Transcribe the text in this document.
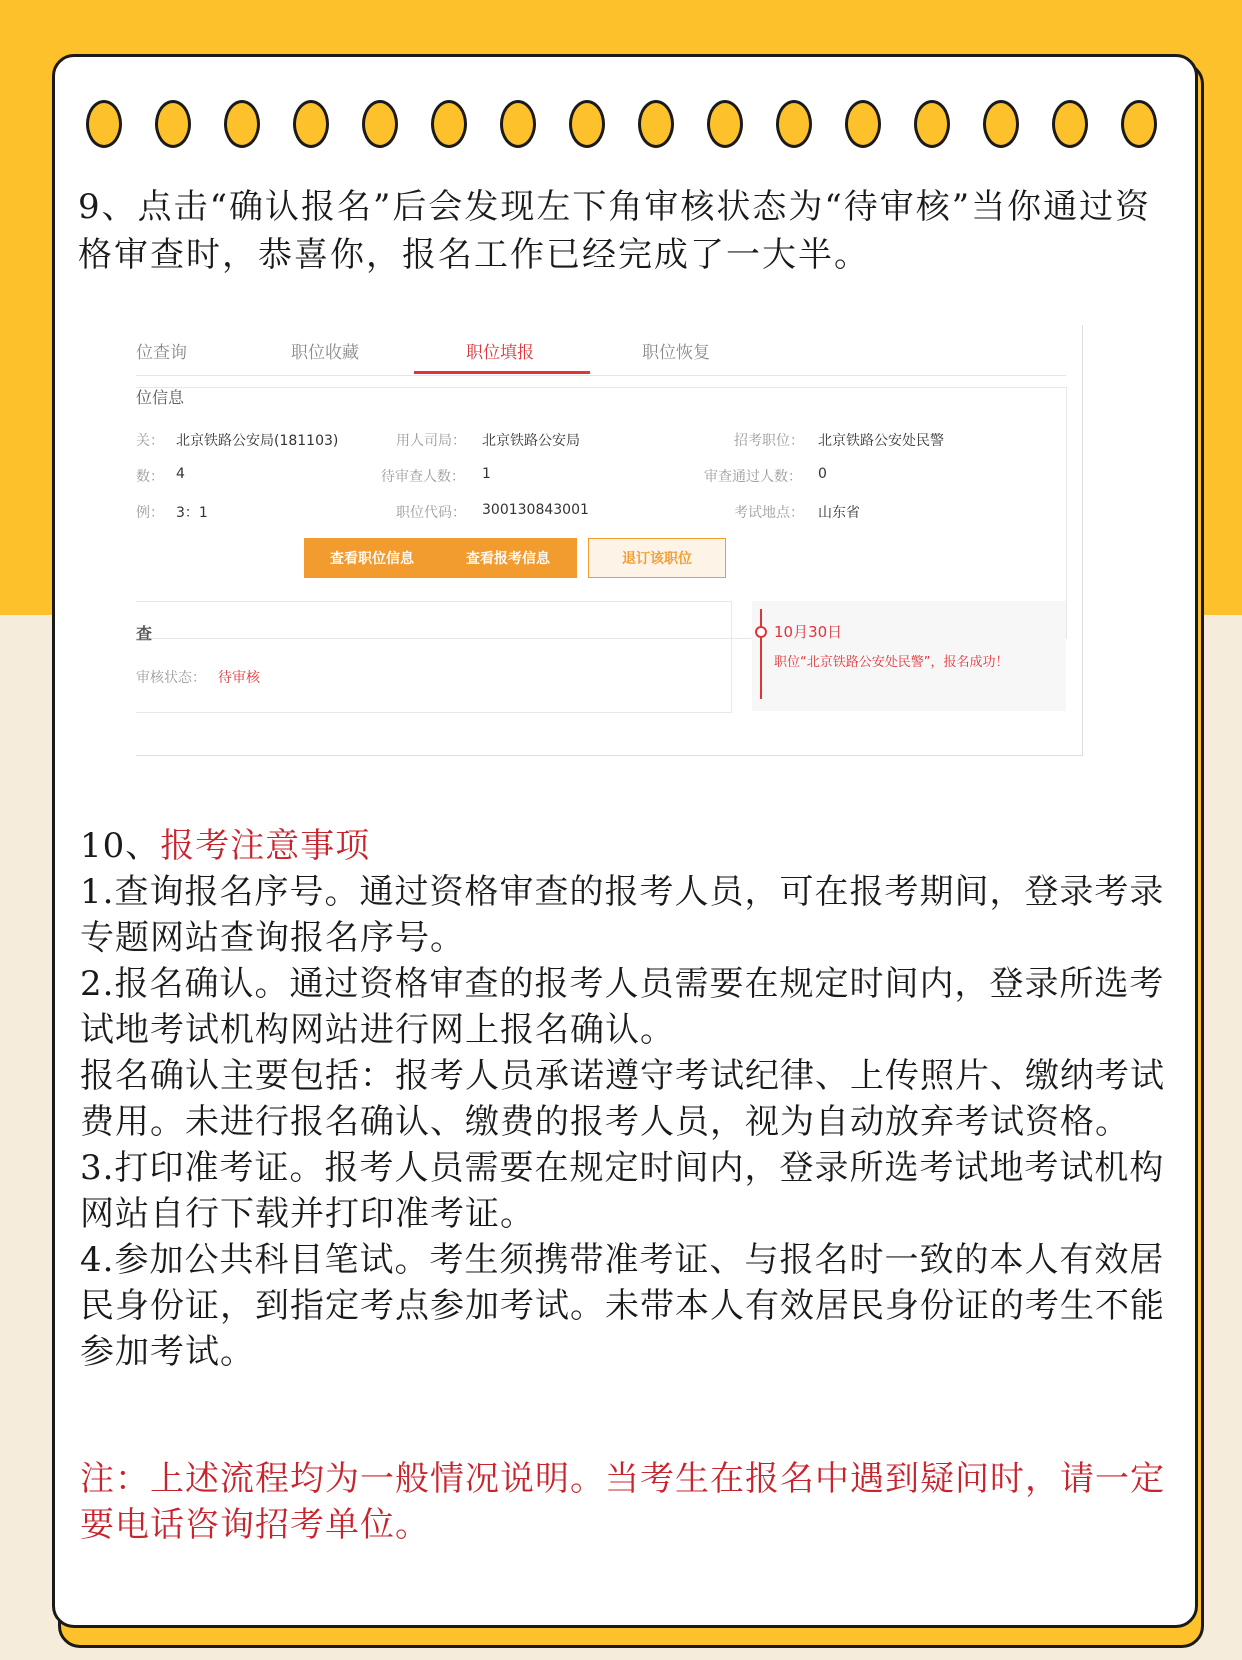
9、点击“确认报名”后会发现左下角审核状态为“待审核”当你通过资格审查时，恭喜你，报名工作已经完成了一大半。
位查询	职位收藏	职位填报	职位恢复
位信息
关： 北京铁路公安局(181103)	用人司局： 北京铁路公安局	招考职位： 北京铁路公安处民警
数： 4	待审查人数： 1	审查通过人数： 0
例： 3：1	职位代码： 300130843001	考试地点： 山东省
查看职位信息	查看报考信息	退订该职位
查
审核状态： 待审核
10月30日
职位“北京铁路公安处民警”，报名成功！

10、报考注意事项

1.查询报名序号。通过资格审查的报考人员，可在报考期间，登录考录专题网站查询报名序号。

2.报名确认。通过资格审查的报考人员需要在规定时间内，登录所选考试地考试机构网站进行网上报名确认。

报名确认主要包括：报考人员承诺遵守考试纪律、上传照片、缴纳考试费用。未进行报名确认、缴费的报考人员，视为自动放弃考试资格。

3.打印准考证。报考人员需要在规定时间内，登录所选考试地考试机构网站自行下载并打印准考证。

4.参加公共科目笔试。考生须携带准考证、与报名时一致的本人有效居民身份证，到指定考点参加考试。未带本人有效居民身份证的考生不能参加考试。

注：上述流程均为一般情况说明。当考生在报名中遇到疑问时，请一定要电话咨询招考单位。
